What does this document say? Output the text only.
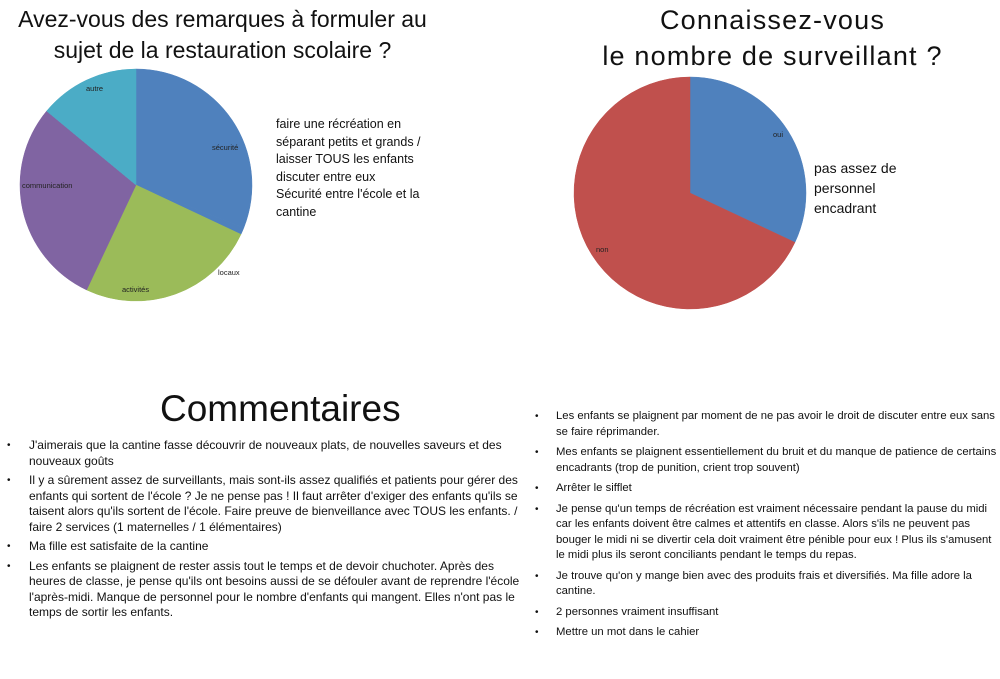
Avez-vous des remarques à formuler au
sujet de la restauration scolaire ?
Connaissez-vous
le nombre de surveillant ?
sécurité
locaux
activités
communication
autre
oui
non
faire une récréation en séparant petits et grands / laisser TOUS les enfants discuter entre eux
Sécurité entre l'école et la cantine
pas assez de personnel encadrant
Commentaires
• J'aimerais que la cantine fasse découvrir de nouveaux plats, de nouvelles saveurs et des nouveaux goûts
• Il y a sûrement assez de surveillants, mais sont-ils assez qualifiés et patients pour gérer des enfants qui sortent de l'école ? Je ne pense pas ! Il faut arrêter d'exiger des enfants qu'ils se taisent alors qu'ils sortent de l'école. Faire preuve de bienveillance avec TOUS les enfants. / faire 2 services (1 maternelles / 1 élémentaires)
• Ma fille est satisfaite de la cantine
• Les enfants se plaignent de rester assis tout le temps et de devoir chuchoter. Après des heures de classe, je pense qu'ils ont besoins aussi de se défouler avant de reprendre l'école l'après-midi. Manque de personnel pour le nombre d'enfants qui mangent. Elles n'ont pas le temps de sortir les enfants.
• Les enfants se plaignent par moment de ne pas avoir le droit de discuter entre eux sans se faire réprimander.
• Mes enfants se plaignent essentiellement du bruit et du manque de patience de certains encadrants (trop de punition, crient trop souvent)
• Arrêter le sifflet
• Je pense qu'un temps de récréation est vraiment nécessaire pendant la pause du midi car les enfants doivent être calmes et attentifs en classe. Alors s'ils ne peuvent pas bouger le midi ni se divertir cela doit vraiment être pénible pour eux ! Plus ils s'amusent le midi plus ils seront conciliants pendant le temps du repas.
• Je trouve qu'on y mange bien avec des produits frais et diversifiés. Ma fille adore la cantine.
• 2 personnes vraiment insuffisant
• Mettre un mot dans le cahier
